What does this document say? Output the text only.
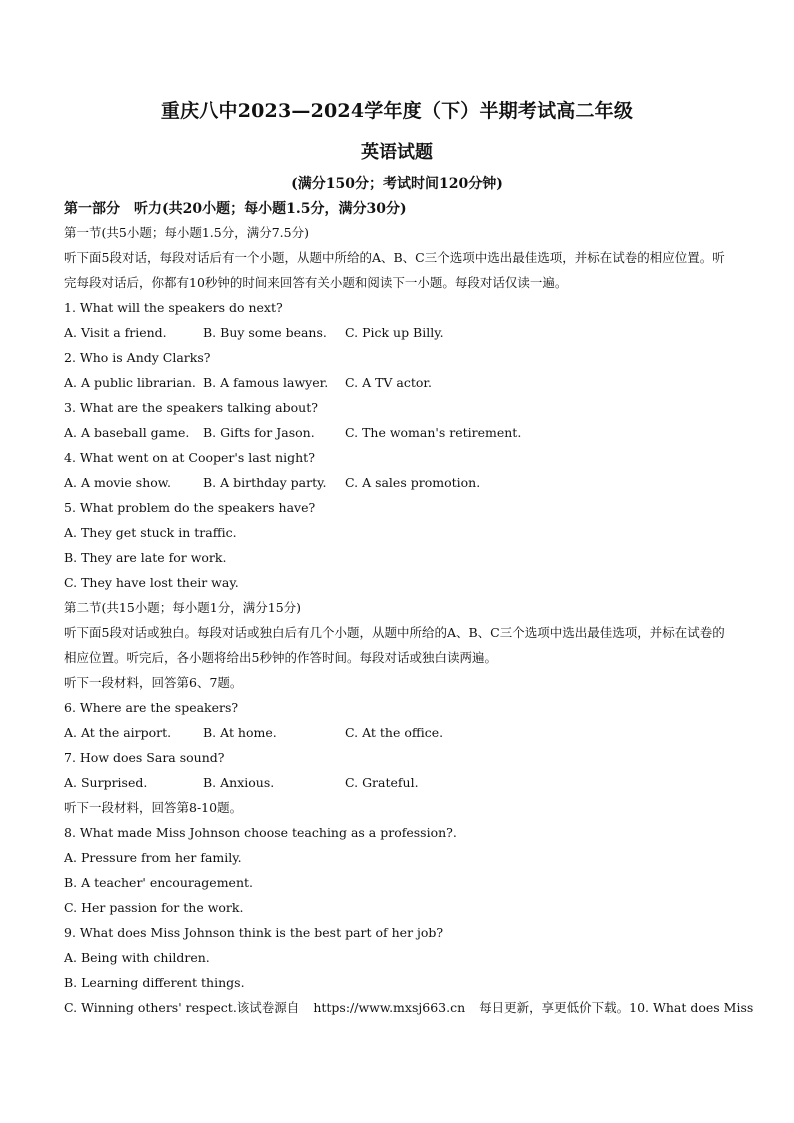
重庆八中2023—2024学年度（下）半期考试高二年级
英语试题
(满分150分；考试时间120分钟)
第一部分　听力(共20小题；每小题1.5分，满分30分)
第一节(共5小题；每小题1.5分，满分7.5分)
听下面5段对话，每段对话后有一个小题，从题中所给的A、B、C三个选项中选出最佳选项，并标在试卷的相应位置。听完每段对话后，你都有10秒钟的时间来回答有关小题和阅读下一小题。每段对话仅读一遍。
1. What will the speakers do next?
A. Visit a friend.	B. Buy some beans. C. Pick up Billy.
2. Who is Andy Clarks?
A. A public librarian. B. A famous lawyer. C. A TV actor.
3. What are the speakers talking about?
A. A baseball game. B. Gifts for Jason. C. The woman's retirement.
4. What went on at Cooper's last night?
A. A movie show.	B. A birthday party. C. A sales promotion.
5. What problem do the speakers have?
A. They get stuck in traffic.
B. They are late for work.
C. They have lost their way.
第二节(共15小题；每小题1分，满分15分)
听下面5段对话或独白。每段对话或独白后有几个小题，从题中所给的A、B、C三个选项中选出最佳选项，并标在试卷的相应位置。听完后，各小题将给出5秒钟的作答时间。每段对话或独白读两遍。
听下一段材料，回答第6、7题。
6. Where are the speakers?
A. At the airport.	B. At home.	C. At the office.
7. How does Sara sound?
A. Surprised.	B. Anxious.	C. Grateful.
听下一段材料，回答第8-10题。
8. What made Miss Johnson choose teaching as a profession?.
A. Pressure from her family.
B. A teacher' encouragement.
C. Her passion for the work.
9. What does Miss Johnson think is the best part of her job?
A. Being with children.
B. Learning different things.
C. Winning others' respect.该试卷源自 https://www.mxsj663.cn 每日更新，享更低价下载。10. What does Miss
